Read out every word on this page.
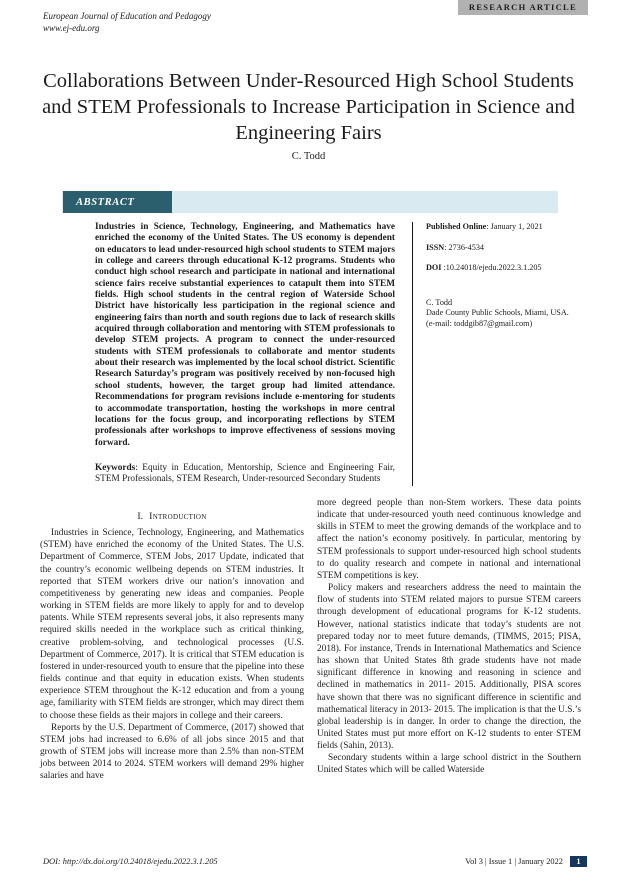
RESEARCH ARTICLE
European Journal of Education and Pedagogy
www.ej-edu.org
Collaborations Between Under-Resourced High School Students and STEM Professionals to Increase Participation in Science and Engineering Fairs
C. Todd
ABSTRACT

Industries in Science, Technology, Engineering, and Mathematics have enriched the economy of the United States. The US economy is dependent on educators to lead under-resourced high school students to STEM majors in college and careers through educational K-12 programs. Students who conduct high school research and participate in national and international science fairs receive substantial experiences to catapult them into STEM fields. High school students in the central region of Waterside School District have historically less participation in the regional science and engineering fairs than north and south regions due to lack of research skills acquired through collaboration and mentoring with STEM professionals to develop STEM projects. A program to connect the under-resourced students with STEM professionals to collaborate and mentor students about their research was implemented by the local school district. Scientific Research Saturday’s program was positively received by non-focused high school students, however, the target group had limited attendance. Recommendations for program revisions include e-mentoring for students to accommodate transportation, hosting the workshops in more central locations for the focus group, and incorporating reflections by STEM professionals after workshops to improve effectiveness of sessions moving forward.

Keywords: Equity in Education, Mentorship, Science and Engineering Fair, STEM Professionals, STEM Research, Under-resourced Secondary Students

Published Online: January 1, 2021

ISSN: 2736-4534

DOI :10.24018/ejedu.2022.3.1.205

C. Todd
Dade County Public Schools, Miami, USA.
(e-mail: toddgib87@gmail.com)
I. Introduction

Industries in Science, Technology, Engineering, and Mathematics (STEM) have enriched the economy of the United States. The U.S. Department of Commerce, STEM Jobs, 2017 Update, indicated that the country’s economic wellbeing depends on STEM industries. It reported that STEM workers drive our nation’s innovation and competitiveness by generating new ideas and companies. People working in STEM fields are more likely to apply for and to develop patents. While STEM represents several jobs, it also represents many required skills needed in the workplace such as critical thinking, creative problem-solving, and technological processes (U.S. Department of Commerce, 2017). It is critical that STEM education is fostered in under-resourced youth to ensure that the pipeline into these fields continue and that equity in education exists. When students experience STEM throughout the K-12 education and from a young age, familiarity with STEM fields are stronger, which may direct them to choose these fields as their majors in college and their careers.

Reports by the U.S. Department of Commerce, (2017) showed that STEM jobs had increased to 6.6% of all jobs since 2015 and that growth of STEM jobs will increase more than 2.5% than non-STEM jobs between 2014 to 2024. STEM workers will demand 29% higher salaries and have

more degreed people than non-Stem workers. These data points indicate that under-resourced youth need continuous knowledge and skills in STEM to meet the growing demands of the workplace and to affect the nation’s economy positively. In particular, mentoring by STEM professionals to support under-resourced high school students to do quality research and compete in national and international STEM competitions is key.

Policy makers and researchers address the need to maintain the flow of students into STEM related majors to pursue STEM careers through development of educational programs for K-12 students. However, national statistics indicate that today’s students are not prepared today nor to meet future demands, (TIMMS, 2015; PISA, 2018). For instance, Trends in International Mathematics and Science has shown that United States 8th grade students have not made significant difference in knowing and reasoning in science and declined in mathematics in 2011- 2015. Additionally, PISA scores have shown that there was no significant difference in scientific and mathematical literacy in 2013- 2015. The implication is that the U.S.’s global leadership is in danger. In order to change the direction, the United States must put more effort on K-12 students to enter STEM fields (Sahin, 2013).

Secondary students within a large school district in the Southern United States which will be called Waterside

DOI: http://dx.doi.org/10.24018/ejedu.2022.3.1.205	Vol 3 | Issue 1 | January 2022	1
